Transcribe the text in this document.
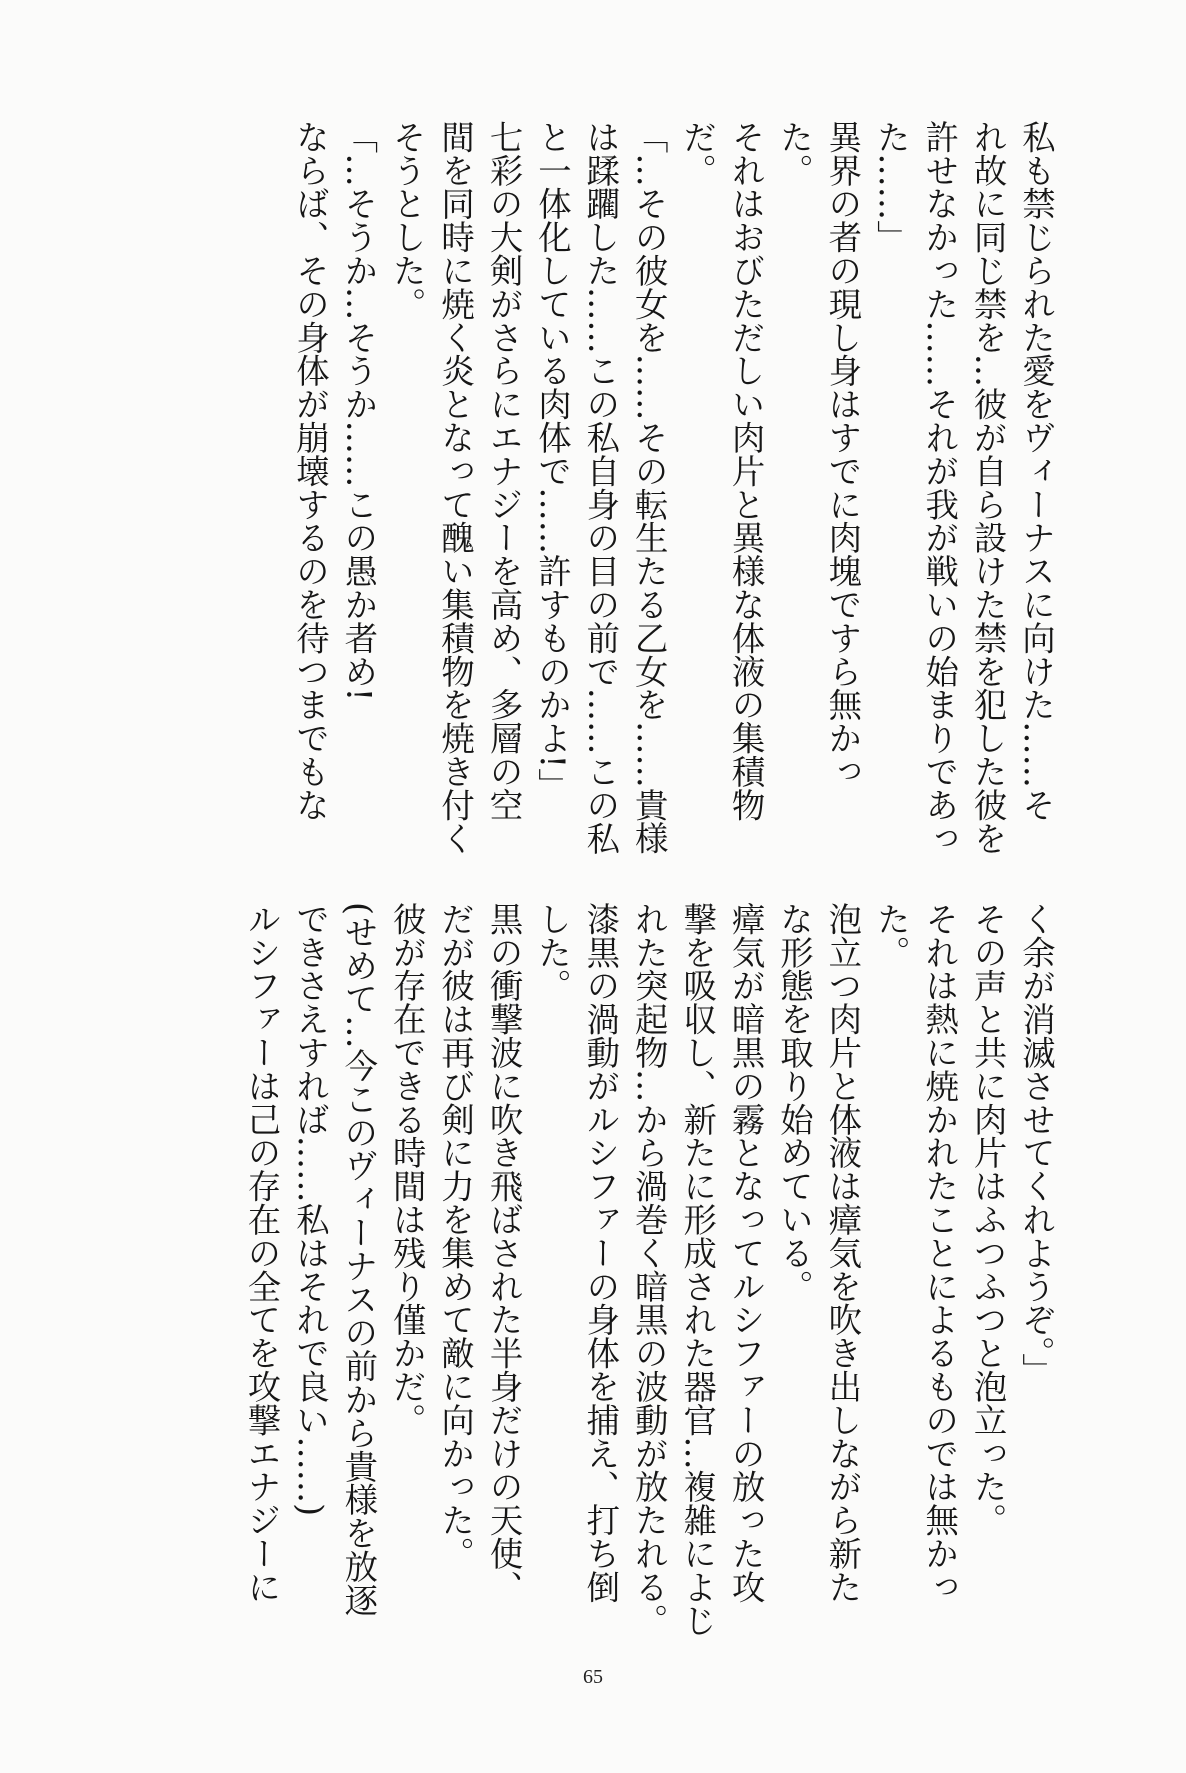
私も禁じられた愛をヴィーナスに向けた……そ

れ故に同じ禁を…彼が自ら設けた禁を犯した彼を

許せなかった……それが我が戦いの始まりであっ

た……」

異界の者の現し身はすでに肉塊ですら無かっ

た。

それはおびただしい肉片と異様な体液の集積物

だ。

「…その彼女を……その転生たる乙女を……貴様

は蹂躙した……この私自身の目の前で……この私

と一体化している肉体で……許すものかよ!」

七彩の大剣がさらにエナジーを高め、多層の空

間を同時に焼く炎となって醜い集積物を焼き付く

そうとした。

「…そうか…そうか……この愚か者め!

ならば、その身体が崩壊するのを待つまでもな

く余が消滅させてくれようぞ。」

その声と共に肉片はふつふつと泡立った。

それは熱に焼かれたことによるものでは無かっ

た。

泡立つ肉片と体液は瘴気を吹き出しながら新た

な形態を取り始めている。

瘴気が暗黒の霧となってルシファーの放った攻

撃を吸収し、新たに形成された器官…複雑によじ

れた突起物…から渦巻く暗黒の波動が放たれる。

漆黒の渦動がルシファーの身体を捕え、打ち倒

した。

黒の衝撃波に吹き飛ばされた半身だけの天使、

だが彼は再び剣に力を集めて敵に向かった。

彼が存在できる時間は残り僅かだ。

(せめて…今このヴィーナスの前から貴様を放逐

できさえすれば……私はそれで良い……)

ルシファーは己の存在の全てを攻撃エナジーに

65
